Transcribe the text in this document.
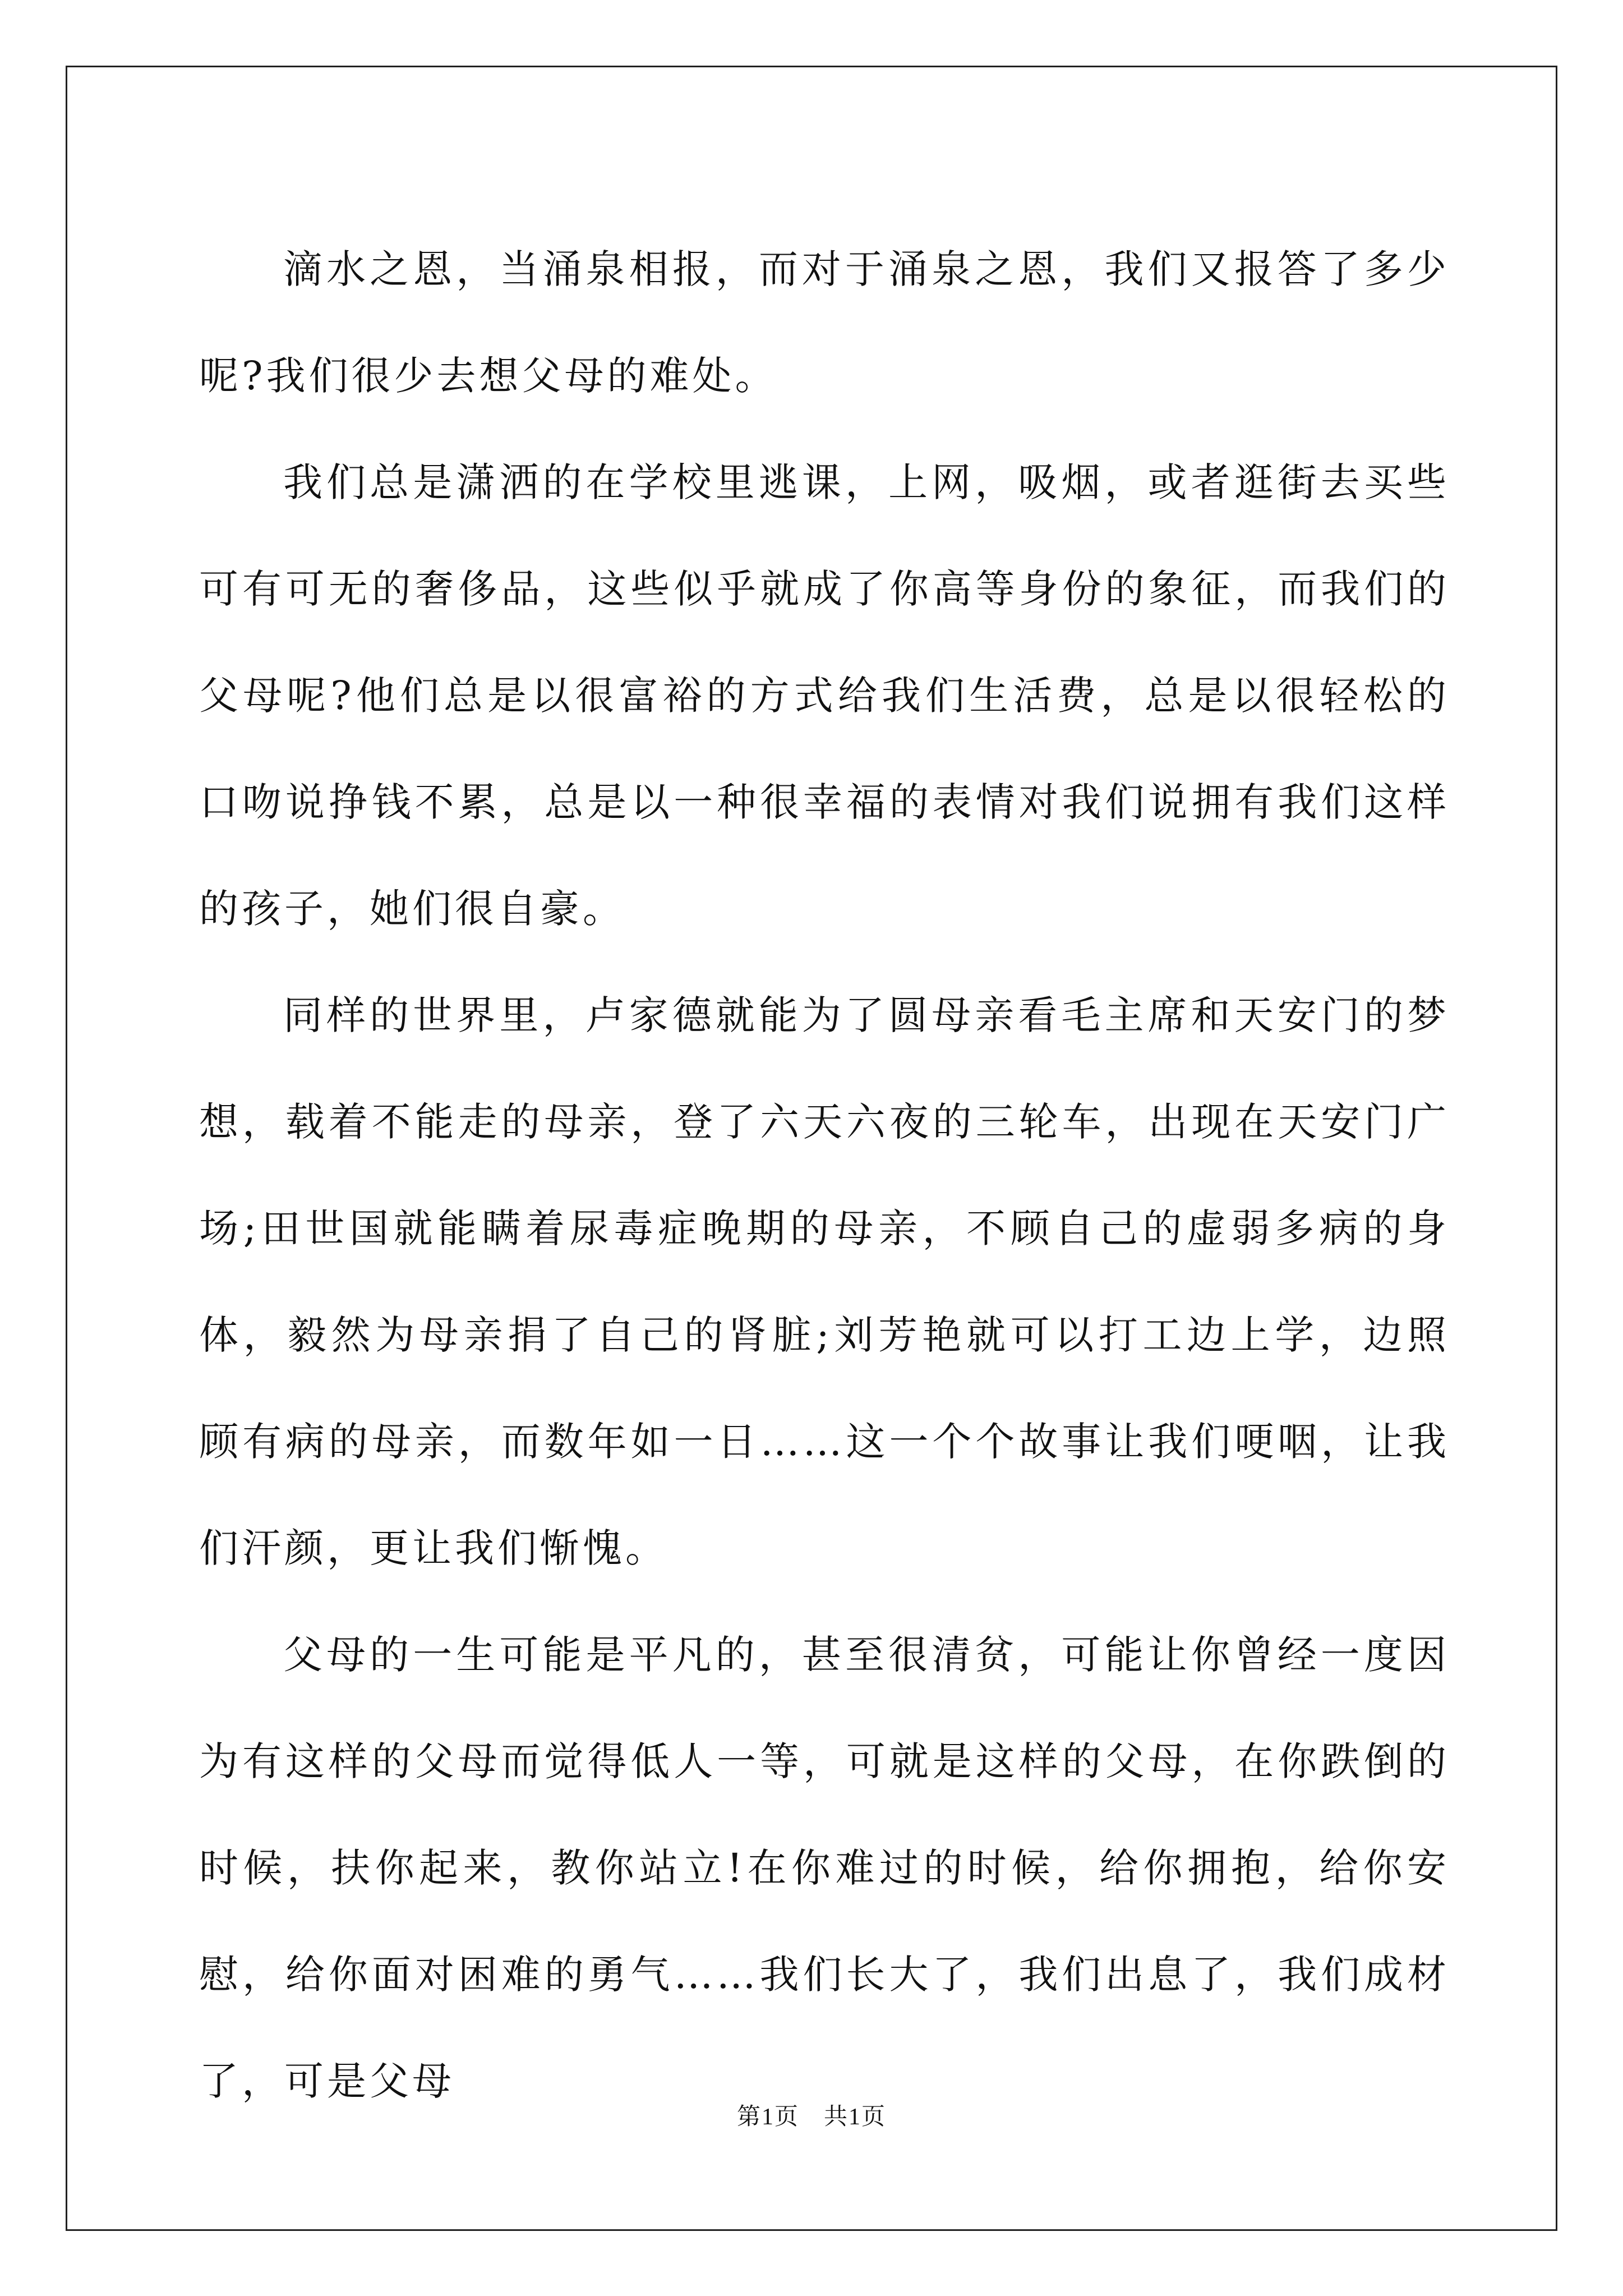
滴水之恩，当涌泉相报，而对于涌泉之恩，我们又报答了多少呢?我们很少去想父母的难处。

我们总是潇洒的在学校里逃课，上网，吸烟，或者逛街去买些可有可无的奢侈品，这些似乎就成了你高等身份的象征，而我们的父母呢?他们总是以很富裕的方式给我们生活费，总是以很轻松的口吻说挣钱不累，总是以一种很幸福的表情对我们说拥有我们这样的孩子，她们很自豪。

同样的世界里，卢家德就能为了圆母亲看毛主席和天安门的梦想，载着不能走的母亲，登了六天六夜的三轮车，出现在天安门广场;田世国就能瞒着尿毒症晚期的母亲，不顾自己的虚弱多病的身体，毅然为母亲捐了自己的肾脏;刘芳艳就可以打工边上学，边照顾有病的母亲，而数年如一日……这一个个故事让我们哽咽，让我们汗颜，更让我们惭愧。

父母的一生可能是平凡的，甚至很清贫，可能让你曾经一度因为有这样的父母而觉得低人一等，可就是这样的父母，在你跌倒的时候，扶你起来，教你站立!在你难过的时候，给你拥抱，给你安慰，给你面对困难的勇气……我们长大了，我们出息了，我们成材了，可是父母

第1页　共1页
